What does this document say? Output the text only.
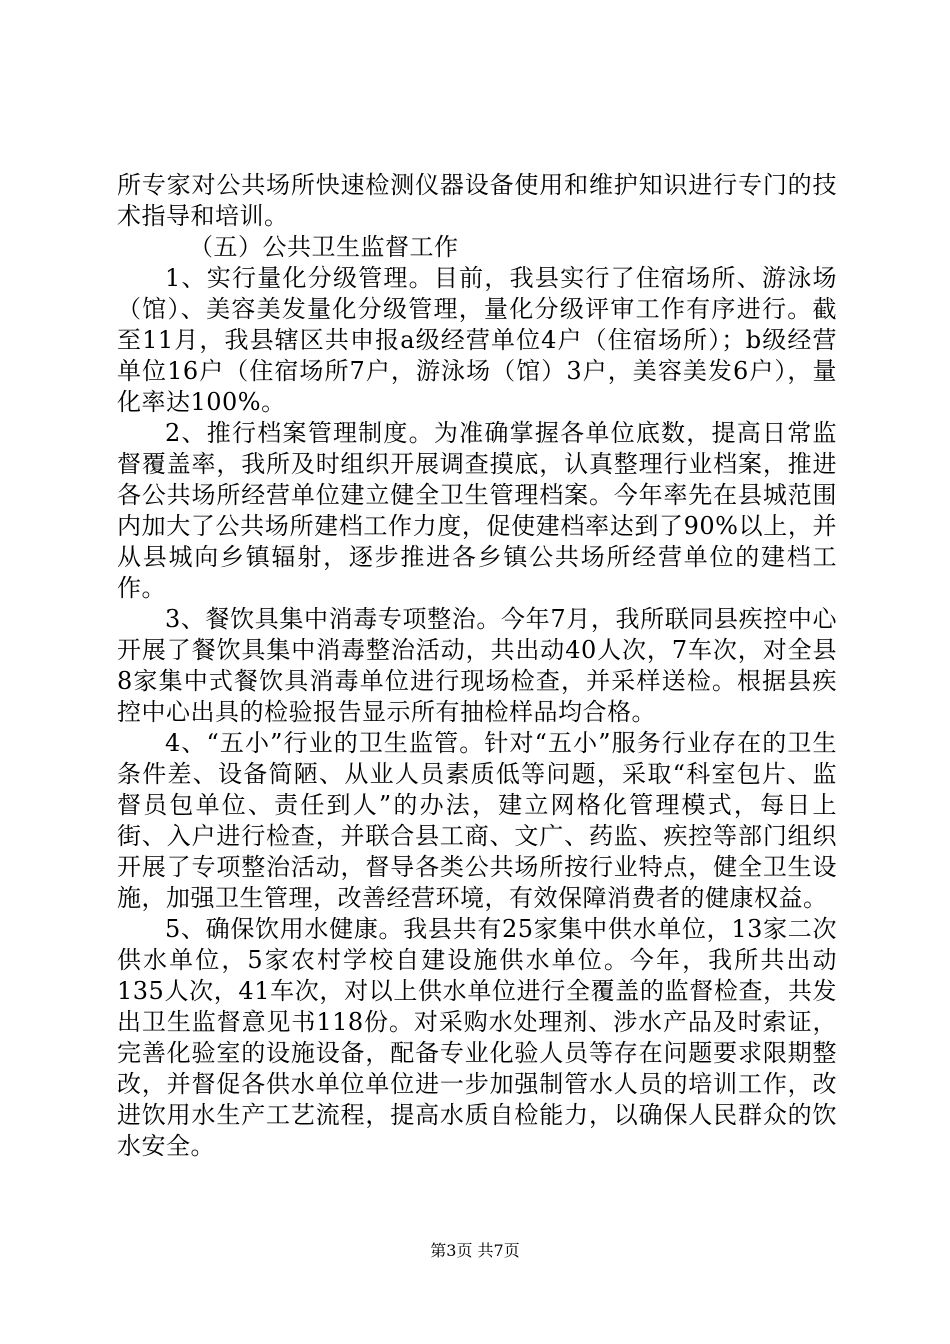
所专家对公共场所快速检测仪器设备使用和维护知识进行专门的技术指导和培训。

（五）公共卫生监督工作

1、实行量化分级管理。目前，我县实行了住宿场所、游泳场（馆）、美容美发量化分级管理，量化分级评审工作有序进行。截至11月，我县辖区共申报a级经营单位4户（住宿场所）；b级经营单位16户（住宿场所7户，游泳场（馆）3户，美容美发6户），量化率达100%。

2、推行档案管理制度。为准确掌握各单位底数，提高日常监督覆盖率，我所及时组织开展调查摸底，认真整理行业档案，推进各公共场所经营单位建立健全卫生管理档案。今年率先在县城范围内加大了公共场所建档工作力度，促使建档率达到了90%以上，并从县城向乡镇辐射，逐步推进各乡镇公共场所经营单位的建档工作。

3、餐饮具集中消毒专项整治。今年7月，我所联同县疾控中心开展了餐饮具集中消毒整治活动，共出动40人次，7车次，对全县8家集中式餐饮具消毒单位进行现场检查，并采样送检。根据县疾控中心出具的检验报告显示所有抽检样品均合格。

4、“五小”行业的卫生监管。针对“五小”服务行业存在的卫生条件差、设备简陋、从业人员素质低等问题，采取“科室包片、监督员包单位、责任到人”的办法，建立网格化管理模式，每日上街、入户进行检查，并联合县工商、文广、药监、疾控等部门组织开展了专项整治活动，督导各类公共场所按行业特点，健全卫生设施，加强卫生管理，改善经营环境，有效保障消费者的健康权益。

5、确保饮用水健康。我县共有25家集中供水单位，13家二次供水单位，5家农村学校自建设施供水单位。今年，我所共出动135人次，41车次，对以上供水单位进行全覆盖的监督检查，共发出卫生监督意见书118份。对采购水处理剂、涉水产品及时索证，完善化验室的设施设备，配备专业化验人员等存在问题要求限期整改，并督促各供水单位单位进一步加强制管水人员的培训工作，改进饮用水生产工艺流程，提高水质自检能力，以确保人民群众的饮水安全。

第3页 共7页
